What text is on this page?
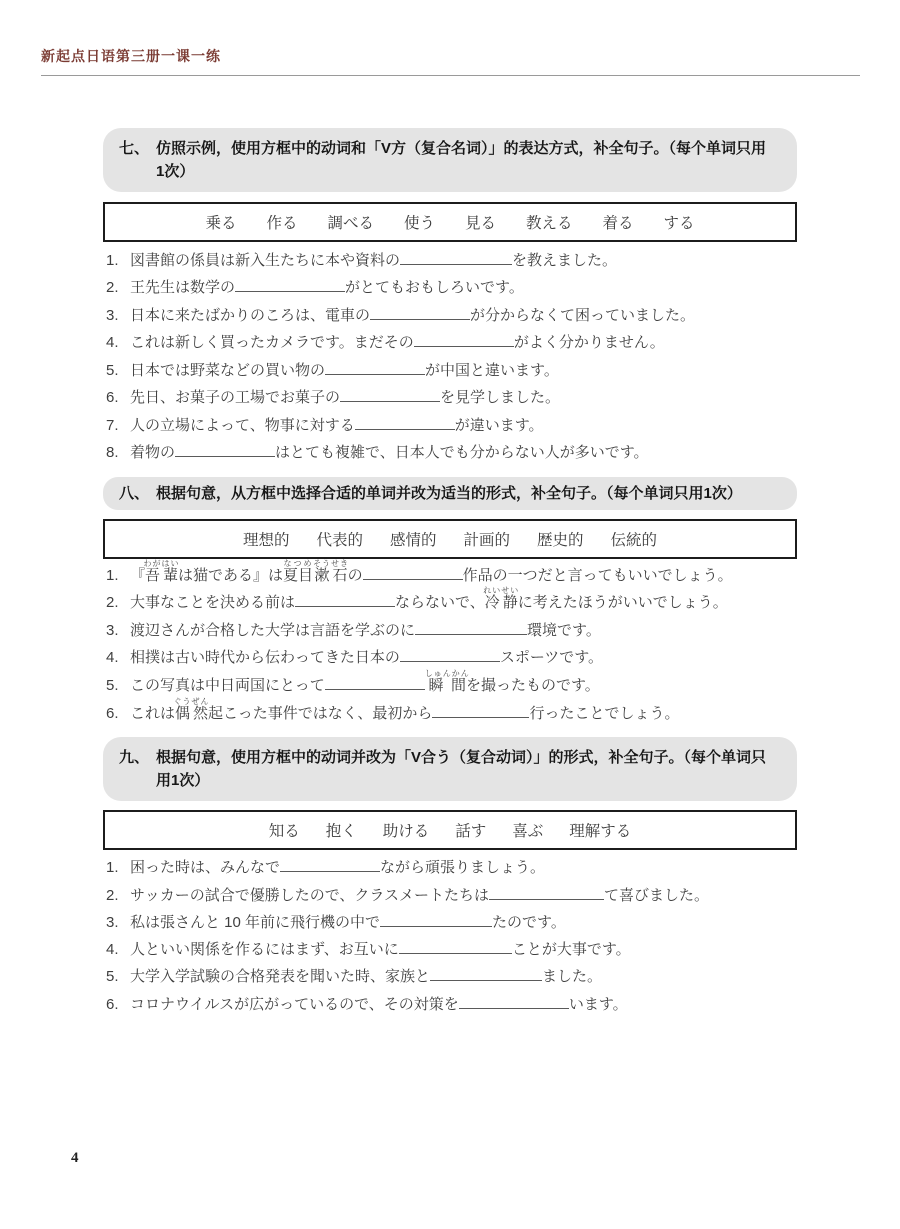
新起点日语第三册一课一练

七、 仿照示例，使用方框中的动词和「V方（复合名词）」的表达方式，补全句子。（每个单词只用
1次）

乗る 作る 調べる 使う 見る 教える 着る する
1. 図書館の係員は新入生たちに本や資料の	を教えました。
2. 王先生は数学の	がとてもおもしろいです。
3. 日本に来たばかりのころは、電車の	が分からなくて困っていました。
4. これは新しく買ったカメラです。まだその	がよく分かりません。
5. 日本では野菜などの買い物の	が中国と違います。
6. 先日、お菓子の工場でお菓子の	を見学しました。
7. 人の立場によって、物事に対する	が違います。
8. 着物の	はとても複雑で、日本人でも分からない人が多いです。

八、 根据句意，从方框中选择合适的单词并改为适当的形式，补全句子。（每个单词只用1次）

理想的 代表的 感情的 計画的 歴史的 伝統的
1. 『吾輩わがはいは猫である』は夏目なつめ漱石そうせきの	作品の一つだと言ってもいいでしょう。
2. 大事なことを決める前は	ならないで、冷静れいせいに考えたほうがいいでしょう。
3. 渡辺さんが合格した大学は言語を学ぶのに	環境です。
4. 相撲は古い時代から伝わってきた日本の	スポーツです。
5. この写真は中日両国にとって	瞬間しゅんかんを撮ったものです。
6. これは偶然ぐうぜん起こった事件ではなく、最初から	行ったことでしょう。

九、 根据句意，使用方框中的动词并改为「V合う（复合动词）」的形式，补全句子。（每个单词只
用1次）

知る 抱く 助ける 話す 喜ぶ 理解する
1. 困った時は、みんなで	ながら頑張りましょう。
2. サッカーの試合で優勝したので、クラスメートたちは	て喜びました。
3. 私は張さんと 10 年前に飛行機の中で	たのです。
4. 人といい関係を作るにはまず、お互いに	ことが大事です。
5. 大学入学試験の合格発表を聞いた時、家族と	ました。
6. コロナウイルスが広がっているので、その対策を	います。
4
